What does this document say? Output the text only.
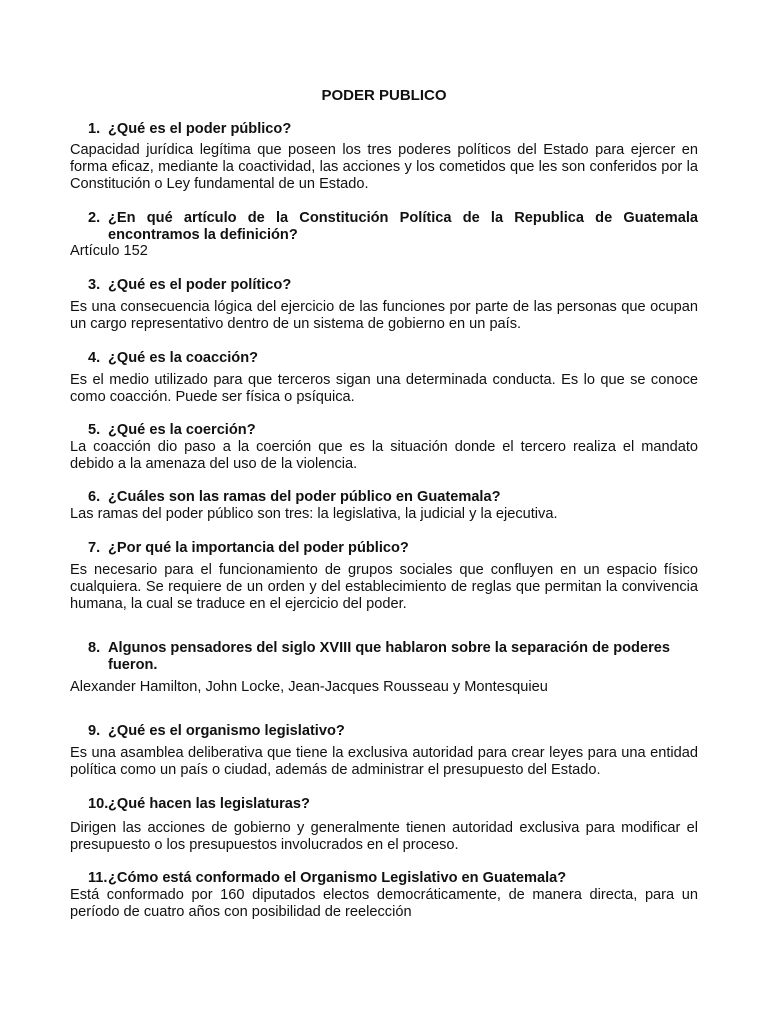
PODER PUBLICO
1. ¿Qué es el poder público?
Capacidad jurídica legítima que poseen los tres poderes políticos del Estado para ejercer en forma eficaz, mediante la coactividad, las acciones y los cometidos que les son conferidos por la Constitución o Ley fundamental de un Estado.
2. ¿En qué artículo de la Constitución Política de la Republica de Guatemala encontramos la definición?
Artículo 152
3. ¿Qué es el poder político?
Es una consecuencia lógica del ejercicio de las funciones por parte de las personas que ocupan un cargo representativo dentro de un sistema de gobierno en un país.
4. ¿Qué es la coacción?
Es el medio utilizado para que terceros sigan una determinada conducta. Es lo que se conoce como coacción. Puede ser física o psíquica.
5. ¿Qué es la coerción?
La coacción dio paso a la coerción que es la situación donde el tercero realiza el mandato debido a la amenaza del uso de la violencia.
6. ¿Cuáles son las ramas del poder público en Guatemala?
Las ramas del poder público son tres: la legislativa, la judicial y la ejecutiva.
7. ¿Por qué la importancia del poder público?
Es necesario para el funcionamiento de grupos sociales que confluyen en un espacio físico cualquiera. Se requiere de un orden y del establecimiento de reglas que permitan la convivencia humana, la cual se traduce en el ejercicio del poder.
8. Algunos pensadores del siglo XVIII que hablaron sobre la separación de poderes fueron.
Alexander Hamilton, John Locke, Jean-Jacques Rousseau y Montesquieu
9. ¿Qué es el organismo legislativo?
Es una asamblea deliberativa que tiene la exclusiva autoridad para crear leyes para una entidad política como un país o ciudad, además de administrar el presupuesto del Estado.
10. ¿Qué hacen las legislaturas?
Dirigen las acciones de gobierno y generalmente tienen autoridad exclusiva para modificar el presupuesto o los presupuestos involucrados en el proceso.
11. ¿Cómo está conformado el Organismo Legislativo en Guatemala?
Está conformado por 160 diputados electos democráticamente, de manera directa, para un período de cuatro años con posibilidad de reelección
